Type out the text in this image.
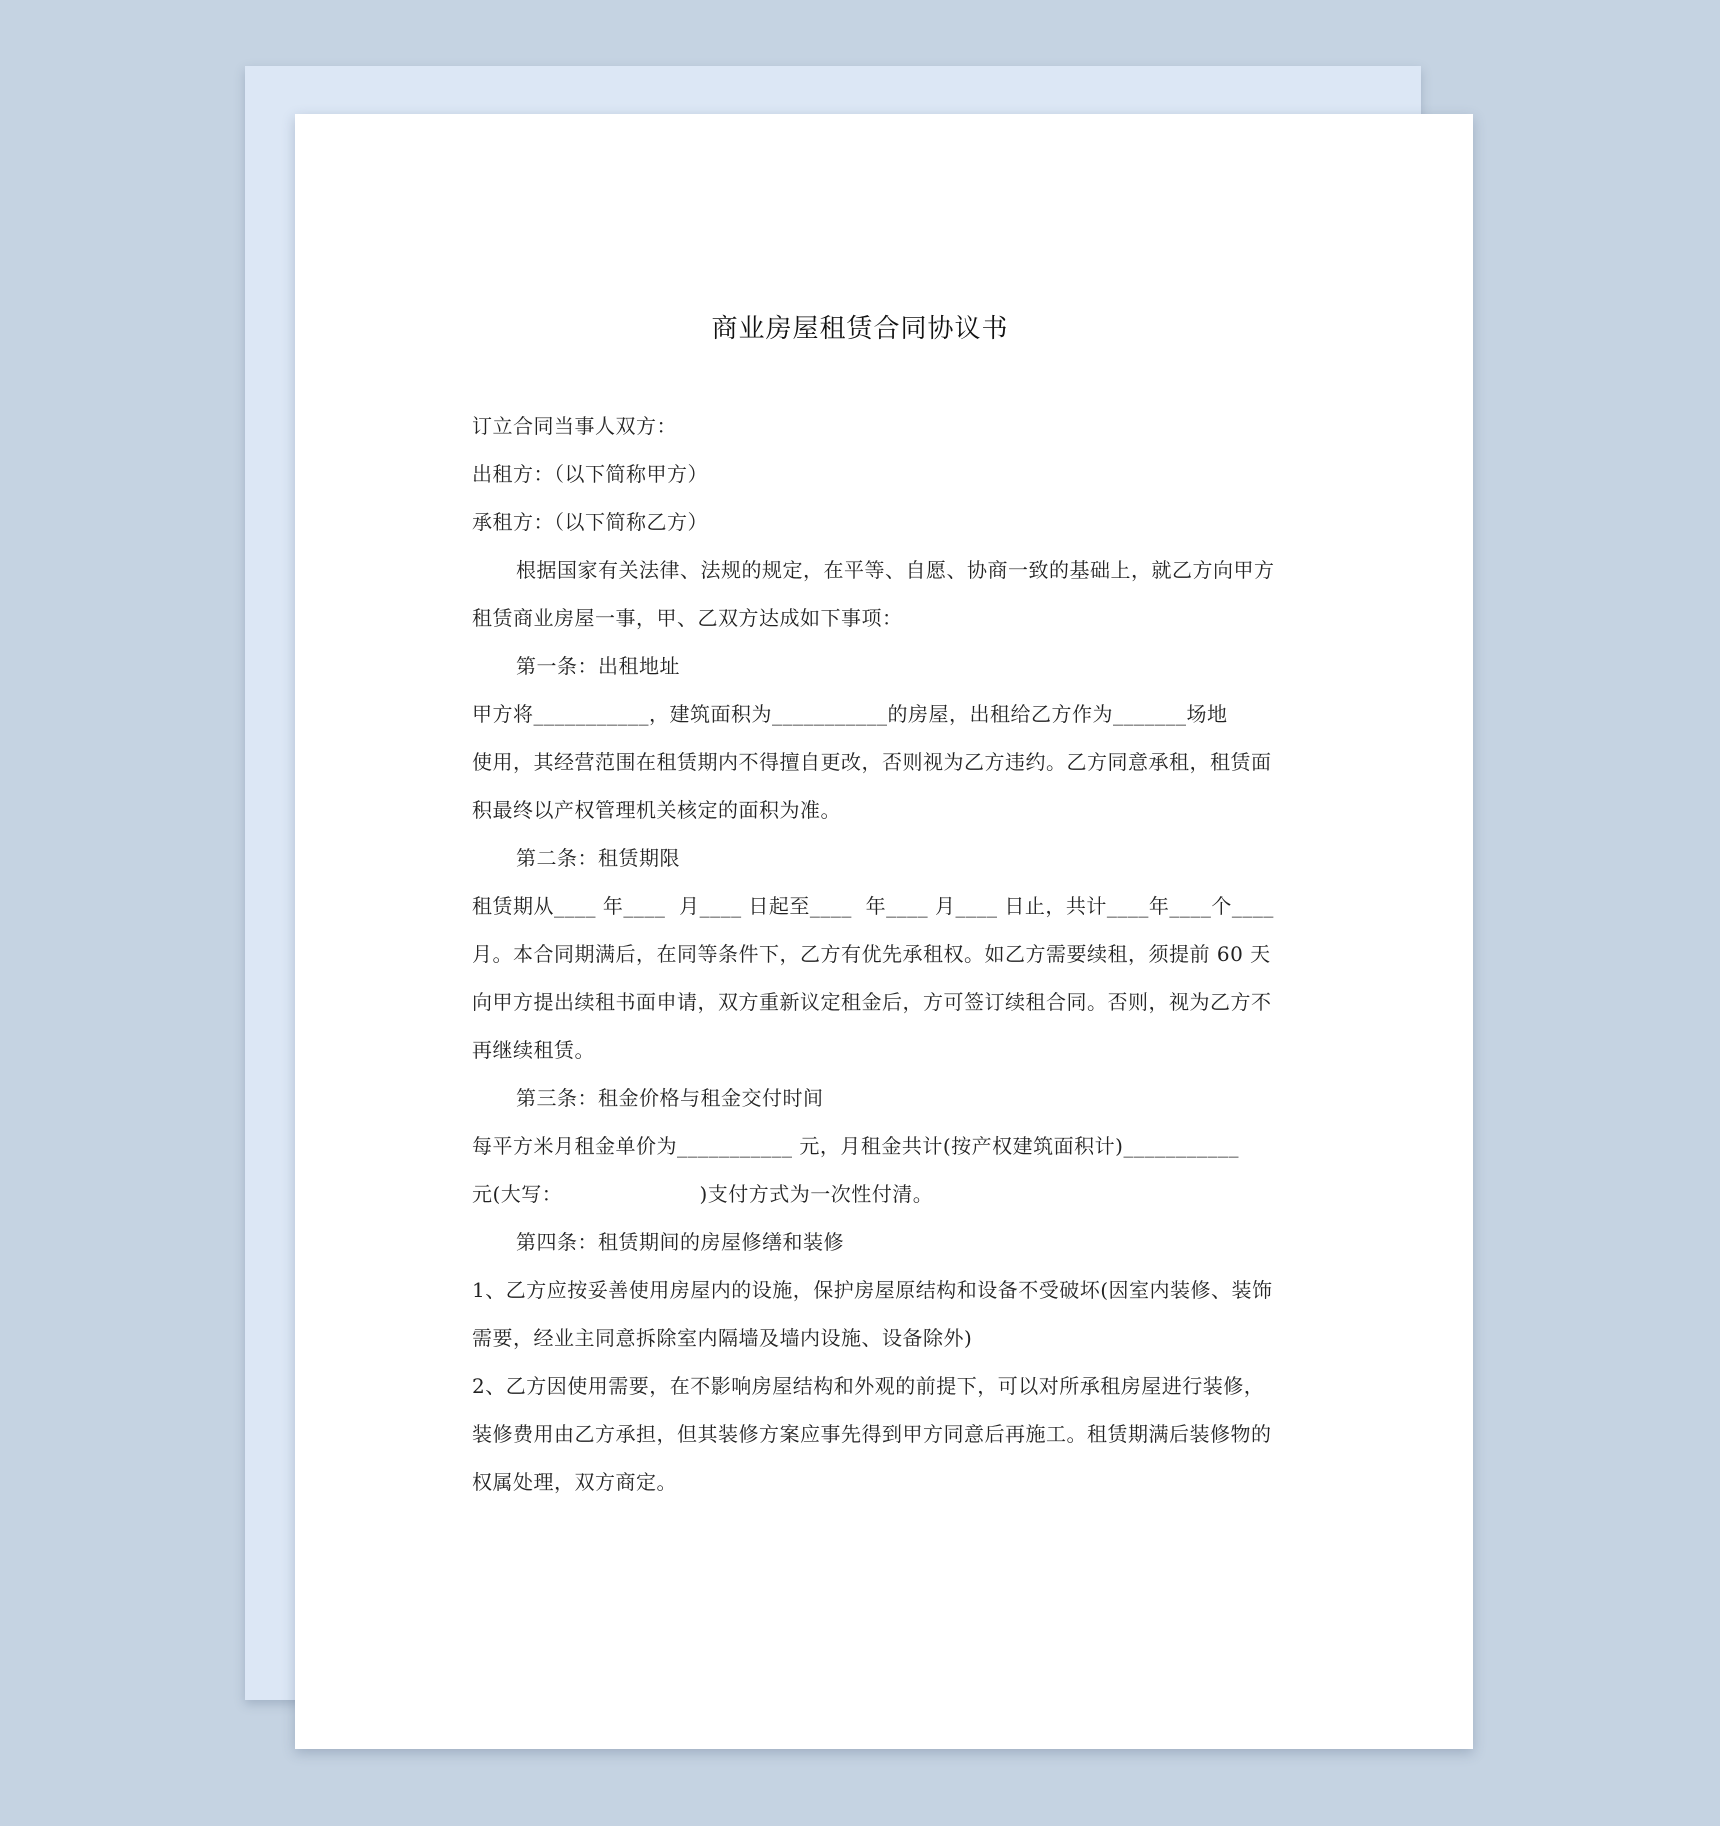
商业房屋租赁合同协议书
订立合同当事人双方：
出租方：（以下简称甲方）
承租方：（以下简称乙方）
根据国家有关法律、法规的规定，在平等、自愿、协商一致的基础上，就乙方向甲方
租赁商业房屋一事，甲、乙双方达成如下事项：
第一条：出租地址
甲方将___________，建筑面积为___________的房屋，出租给乙方作为_______场地
使用，其经营范围在租赁期内不得擅自更改，否则视为乙方违约。乙方同意承租，租赁面
积最终以产权管理机关核定的面积为准。
第二条：租赁期限
租赁期从____ 年____  月____ 日起至____  年____ 月____ 日止，共计____年____个____
月。本合同期满后，在同等条件下，乙方有优先承租权。如乙方需要续租，须提前 60 天
向甲方提出续租书面申请，双方重新议定租金后，方可签订续租合同。否则，视为乙方不
再继续租赁。
第三条：租金价格与租金交付时间
每平方米月租金单价为___________ 元，月租金共计(按产权建筑面积计)___________
元(大写：                    )支付方式为一次性付清。
第四条：租赁期间的房屋修缮和装修
1、乙方应按妥善使用房屋内的设施，保护房屋原结构和设备不受破坏(因室内装修、装饰
需要，经业主同意拆除室内隔墙及墙内设施、设备除外)
2、乙方因使用需要，在不影响房屋结构和外观的前提下，可以对所承租房屋进行装修，
装修费用由乙方承担，但其装修方案应事先得到甲方同意后再施工。租赁期满后装修物的
权属处理，双方商定。
